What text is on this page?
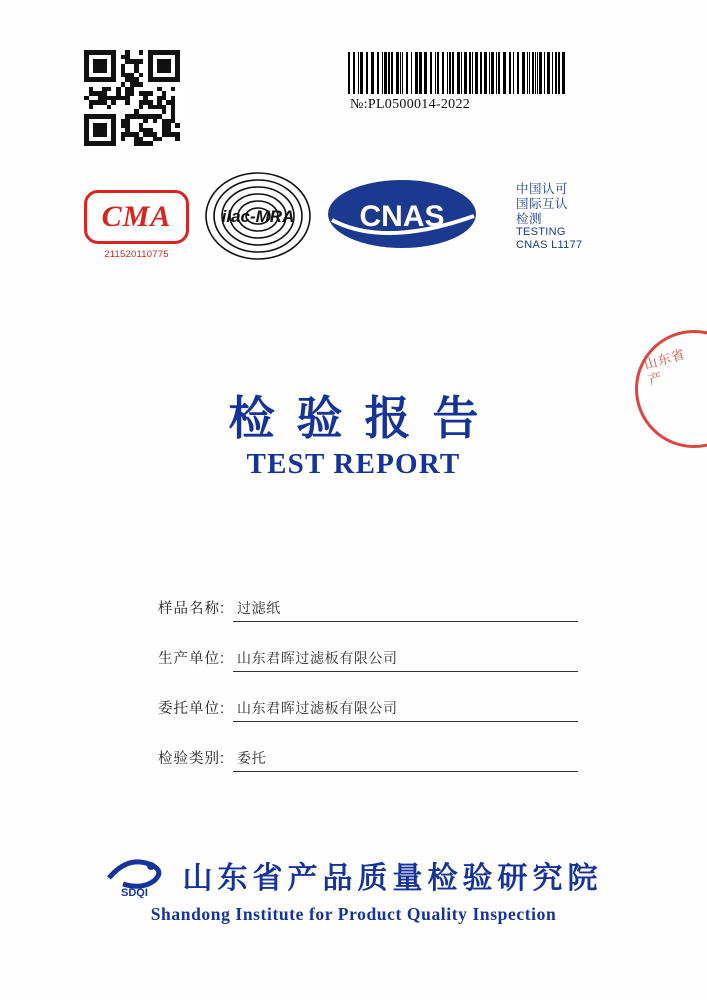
№:PL0500014-2022
CMA
211520110775
ilac-MRA CNAS
中国认可
国际互认
检测
TESTING
CNAS L1177
山东省产
检验报告
TEST REPORT
样品名称: 过滤纸
生产单位: 山东君晖过滤板有限公司
委托单位: 山东君晖过滤板有限公司
检验类别: 委托
SDQI 山东省产品质量检验研究院
Shandong Institute for Product Quality Inspection
